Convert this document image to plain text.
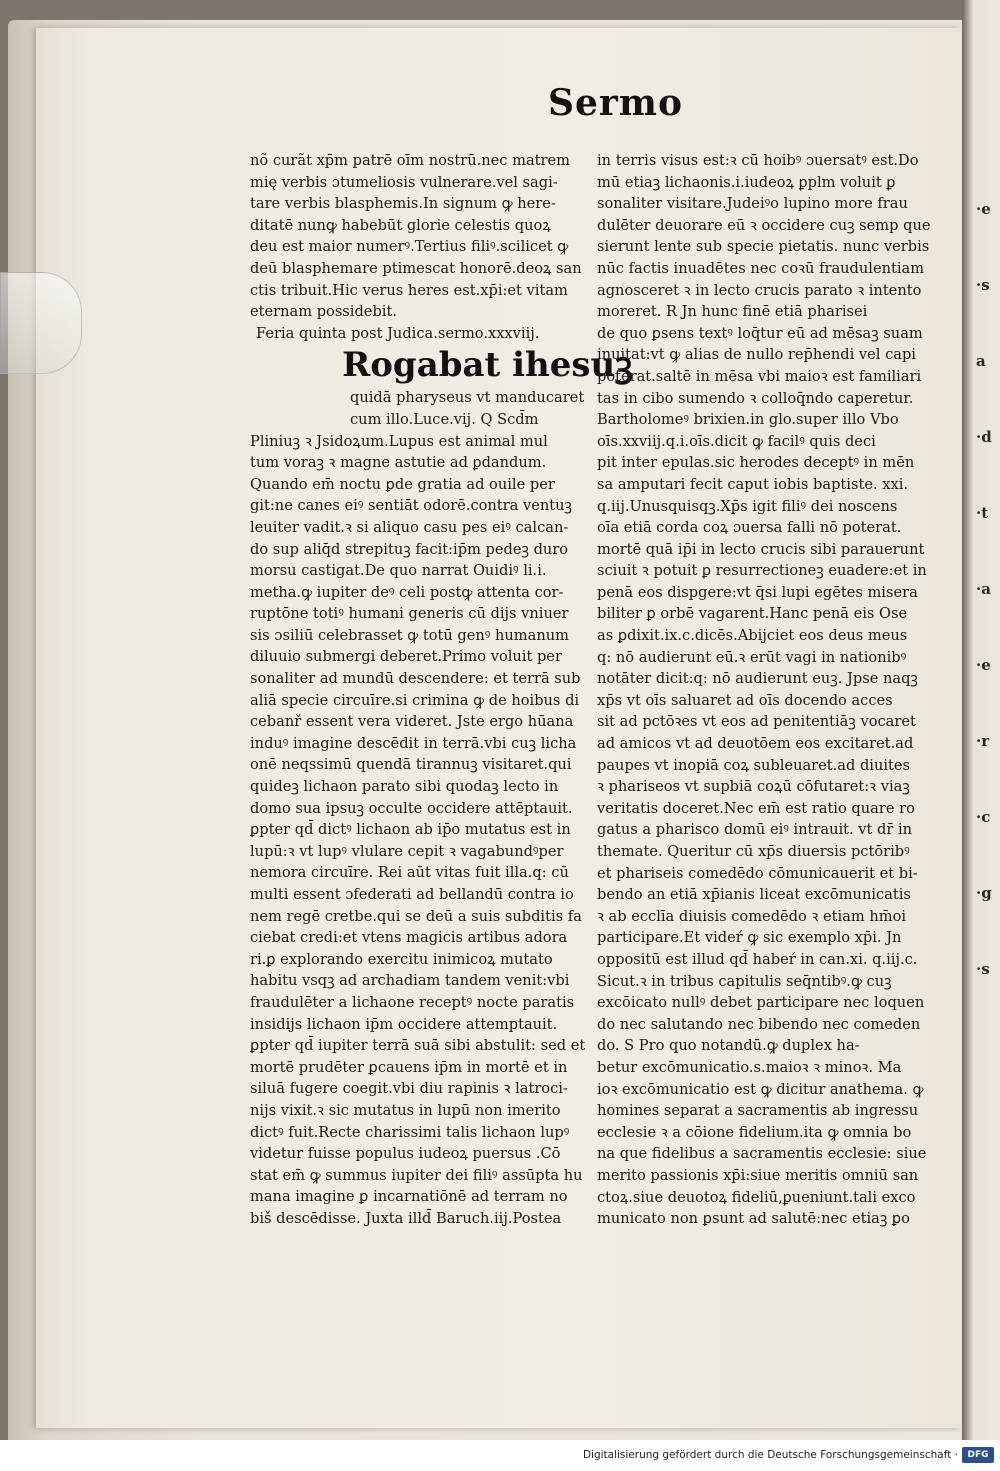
·e
·s
a
·d
·t
·a
·e
·r
·c
·g
·s
Sermo
nõ curãt xp̄m patrē oīm nostrū.nec matrem
mię verbis ɔtumeliosis vulnerare.vel sagi-
tare verbis blasphemis.In signum ꝙ here-
ditatē nunꝙ habebūt glorie celestis quoꝝ
deu est maior numerꝰ.Tertius filiꝰ.scilicet ꝙ
deū blasphemare ptimescat honorē.deoꝝ san
ctis tribuit.Hic verus heres est.xp̄i:et vitam
eternam possidebit.
Feria quinta post Judica.sermo.xxxviij.
Rogabat ihesuꝫ
quidā pharyseus vt manducaret
cum illo.Luce.vij. Q Scd̄m
Pliniuꝫ ꝛ Jsidoꝝum.Lupus est animal mul
tum voraꝫ ꝛ magne astutie ad ꝑdandum.
Quando em̄ noctu ꝑde gratia ad ouile per
git:ne canes eiꝰ sentiāt odorē.contra ventuꝫ
leuiter vadit.ꝛ si aliquo casu pes eiꝰ calcan-
do sup aliq̄d strepituꝫ facit:ip̄m pedeꝫ duro
morsu castigat.De quo narrat Ouidiꝰ li.i.
metha.ꝙ iupiter deꝰ celi postꝙ attenta cor-
ruptōne totiꝰ humani generis cū dijs vniuer
sis ɔsiliū celebrasset ꝙ totū genꝰ humanum
diluuio submergi deberet.Primo voluit per
sonaliter ad mundū descendere: et terrā sub
aliā specie circuīre.si crimina ꝙ de hoibus di
cebanř essent vera videret. Jste ergo hūana
induꝰ imagine descēdit in terrā.vbi cuꝫ licha
onē neqssimū quendā tirannuꝫ visitaret.qui
quideꝫ lichaon parato sibi quodaꝫ lecto in
domo sua ipsuꝫ occulte occidere attēptauit.
ꝑpter qd̄ dictꝰ lichaon ab ip̄o mutatus est in
lupū:ꝛ vt lupꝰ vlulare cepit ꝛ vagabundꝰper
nemora circuīre. Rei aūt vitas fuit illa.q: cū
multi essent ɔfederati ad bellandū contra io
nem regē cretbe.qui se deū a suis subditis fa
ciebat credi:et vtens magicis artibus adora
ri.ꝑ explorando exercitu inimicoꝝ mutato
habitu vsqꝫ ad archadiam tandem venit:vbi
fraudulēter a lichaone receptꝰ nocte paratis
insidijs lichaon ip̄m occidere attemptauit.
ꝑpter qd̄ iupiter terrā suā sibi abstulit: sed et
mortē prudēter ꝑcauens ip̄m in mortē et in
siluā fugere coegit.vbi diu rapinis ꝛ latroci-
nijs vixit.ꝛ sic mutatus in lupū non imerito
dictꝰ fuit.Recte charissimi talis lichaon lupꝰ
videtur fuisse populus iudeoꝝ puersus .Cō
stat em̄ ꝙ summus iupiter dei filiꝰ assūpta hu
mana imagine ꝑ incarnatiōnē ad terram no
biš descēdisse. Juxta illd̄ Baruch.iij.Postea
in terris visus est:ꝛ cū hoibꝰ ɔuersatꝰ est.Do
mū etiaꝫ lichaonis.i.iudeoꝝ ꝑplm voluit ꝑ
sonaliter visitare.Judeiꝰo lupino more frau
dulēter deuorare eū ꝛ occidere cuꝫ semp que
sierunt lente sub specie pietatis. nunc verbis
nūc factis inuadētes nec coꝛū fraudulentiam
agnosceret ꝛ in lecto crucis parato ꝛ intento
moreret. R Jn hunc finē etiā pharisei
de quo ꝑsens textꝰ loq̄tur eū ad mēsaꝫ suam
inuitat:vt ꝙ alias de nullo rep̄hendi vel capi
poterat.saltē in mēsa vbi maioꝛ est familiari
tas in cibo sumendo ꝛ colloq̄ndo caperetur.
Bartholomeꝰ brixien.in glo.super illo Vbo
oīs.xxviij.q.i.oīs.dicit ꝙ facilꝰ quis deci
pit inter epulas.sic herodes deceptꝰ in mēn
sa amputari fecit caput iobis baptiste. xxi.
q.iij.Unusquisqꝫ.Xp̄s igit filiꝰ dei noscens
oīa etiā corda coꝝ ɔuersa falli nō poterat.
mortē quā ip̄i in lecto crucis sibi parauerunt
sciuit ꝛ potuit ꝑ resurrectioneꝫ euadere:et in
penā eos dispgere:vt q̄si lupi egētes misera
biliter ꝑ orbē vagarent.Hanc penā eis Ose
as ꝑdixit.ix.c.dicēs.Abijciet eos deus meus
q: nō audierunt eū.ꝛ erūt vagi in nationibꝰ
notāter dicit:q: nō audierunt euꝫ. Jpse naqꝫ
xp̄s vt oīs saluaret ad oīs docendo acces
sit ad pctōꝛes vt eos ad penitentiāꝫ vocaret
ad amicos vt ad deuotōem eos excitaret.ad
paupes vt inopiā coꝝ subleuaret.ad diuites
ꝛ phariseos vt supbiā coꝝū cōfutaret:ꝛ viaꝫ
veritatis doceret.Nec em̄ est ratio quare ro
gatus a pharisco domū eiꝰ intrauit. vt dr̄ in
themate. Queritur cū xp̄s diuersis pctōribꝰ
et phariseis comedēdo cōmunicauerit et bi-
bendo an etiā xp̄ianis liceat excōmunicatis
ꝛ ab ecclīa diuisis comedēdo ꝛ etiam hm̄oi
participare.Et videŕ ꝙ sic exemplo xp̄i. Jn
oppositū est illud qd̄ habeŕ in can.xi. q.iij.c.
Sicut.ꝛ in tribus capitulis seq̄ntibꝰ.ꝙ cuꝫ
excōicato nullꝰ debet participare nec loquen
do nec salutando nec bibendo nec comeden
do. S Pro quo notandū.ꝙ duplex ha-
betur excōmunicatio.s.maioꝛ ꝛ minoꝛ. Ma
ioꝛ excōmunicatio est ꝙ dicitur anathema. ꝙ
homines separat a sacramentis ab ingressu
ecclesie ꝛ a cōione fidelium.ita ꝙ omnia bo
na que fidelibus a sacramentis ecclesie: siue
merito passionis xp̄i:siue meritis omniū san
ctoꝝ.siue deuotoꝝ fideliū,ꝑueniunt.tali exco
municato non ꝑsunt ad salutē:nec etiaꝫ ꝑo
Digitalisierung gefördert durch die Deutsche Forschungsgemeinschaft ·	DFG
